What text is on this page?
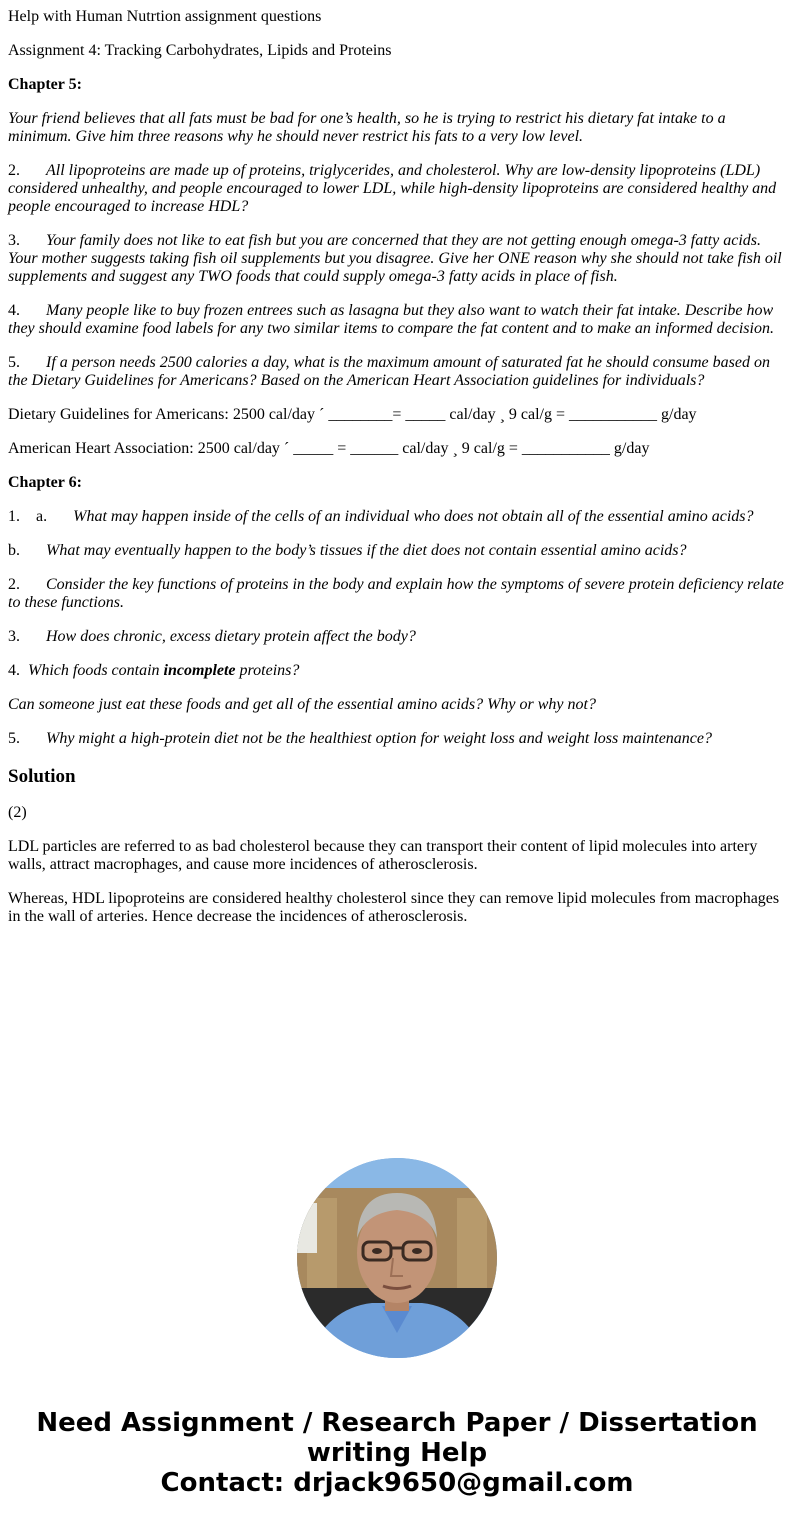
Help with Human Nutrtion assignment questions

Assignment 4: Tracking Carbohydrates, Lipids and Proteins

Chapter 5:

Your friend believes that all fats must be bad for one’s health, so he is trying to restrict his dietary fat intake to a minimum. Give him three reasons why he should never restrict his fats to a very low level.

2. All lipoproteins are made up of proteins, triglycerides, and cholesterol. Why are low-density lipoproteins (LDL) considered unhealthy, and people encouraged to lower LDL, while high-density lipoproteins are considered healthy and people encouraged to increase HDL?

3. Your family does not like to eat fish but you are concerned that they are not getting enough omega-3 fatty acids. Your mother suggests taking fish oil supplements but you disagree. Give her ONE reason why she should not take fish oil supplements and suggest any TWO foods that could supply omega-3 fatty acids in place of fish.

4. Many people like to buy frozen entrees such as lasagna but they also want to watch their fat intake. Describe how they should examine food labels for any two similar items to compare the fat content and to make an informed decision.

5. If a person needs 2500 calories a day, what is the maximum amount of saturated fat he should consume based on the Dietary Guidelines for Americans? Based on the American Heart Association guidelines for individuals?

Dietary Guidelines for Americans: 2500 cal/day ´ ________= _____ cal/day ¸ 9 cal/g = ___________ g/day

American Heart Association: 2500 cal/day ´ _____ = ______ cal/day ¸ 9 cal/g = ___________ g/day

Chapter 6:

1. a. What may happen inside of the cells of an individual who does not obtain all of the essential amino acids?

b. What may eventually happen to the body’s tissues if the diet does not contain essential amino acids?

2. Consider the key functions of proteins in the body and explain how the symptoms of severe protein deficiency relate to these functions.

3. How does chronic, excess dietary protein affect the body?

4. Which foods contain incomplete proteins?

Can someone just eat these foods and get all of the essential amino acids? Why or why not?

5. Why might a high-protein diet not be the healthiest option for weight loss and weight loss maintenance?

Solution

(2)

LDL particles are referred to as bad cholesterol because they can transport their content of lipid molecules into artery walls, attract macrophages, and cause more incidences of atherosclerosis.

Whereas, HDL lipoproteins are considered healthy cholesterol since they can remove lipid molecules from macrophages in the wall of arteries. Hence decrease the incidences of atherosclerosis.

Need Assignment / Research Paper / Dissertation
writing Help
Contact: drjack9650@gmail.com
